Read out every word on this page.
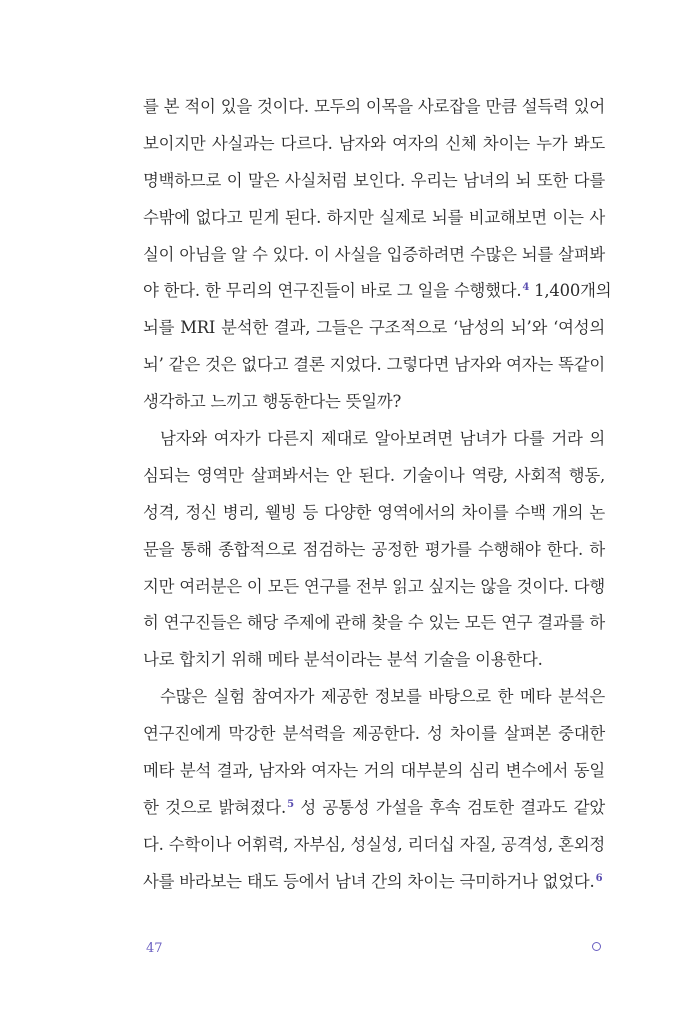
를 본 적이 있을 것이다. 모두의 이목을 사로잡을 만큼 설득력 있어
보이지만 사실과는 다르다. 남자와 여자의 신체 차이는 누가 봐도
명백하므로 이 말은 사실처럼 보인다. 우리는 남녀의 뇌 또한 다를
수밖에 없다고 믿게 된다. 하지만 실제로 뇌를 비교해보면 이는 사
실이 아님을 알 수 있다. 이 사실을 입증하려면 수많은 뇌를 살펴봐
야 한다. 한 무리의 연구진들이 바로 그 일을 수행했다.$^4$ 1,400개의
뇌를 MRI 분석한 결과, 그들은 구조적으로 ‘남성의 뇌’와 ‘여성의
뇌’ 같은 것은 없다고 결론 지었다. 그렇다면 남자와 여자는 똑같이
생각하고 느끼고 행동한다는 뜻일까?
남자와 여자가 다른지 제대로 알아보려면 남녀가 다를 거라 의
심되는 영역만 살펴봐서는 안 된다. 기술이나 역량, 사회적 행동,
성격, 정신 병리, 웰빙 등 다양한 영역에서의 차이를 수백 개의 논
문을 통해 종합적으로 점검하는 공정한 평가를 수행해야 한다. 하
지만 여러분은 이 모든 연구를 전부 읽고 싶지는 않을 것이다. 다행
히 연구진들은 해당 주제에 관해 찾을 수 있는 모든 연구 결과를 하
나로 합치기 위해 메타 분석이라는 분석 기술을 이용한다.
수많은 실험 참여자가 제공한 정보를 바탕으로 한 메타 분석은
연구진에게 막강한 분석력을 제공한다. 성 차이를 살펴본 중대한
메타 분석 결과, 남자와 여자는 거의 대부분의 심리 변수에서 동일
한 것으로 밝혀졌다.$^5$ 성 공통성 가설을 후속 검토한 결과도 같았
다. 수학이나 어휘력, 자부심, 성실성, 리더십 자질, 공격성, 혼외정
사를 바라보는 태도 등에서 남녀 간의 차이는 극미하거나 없었다.$^6$
47
